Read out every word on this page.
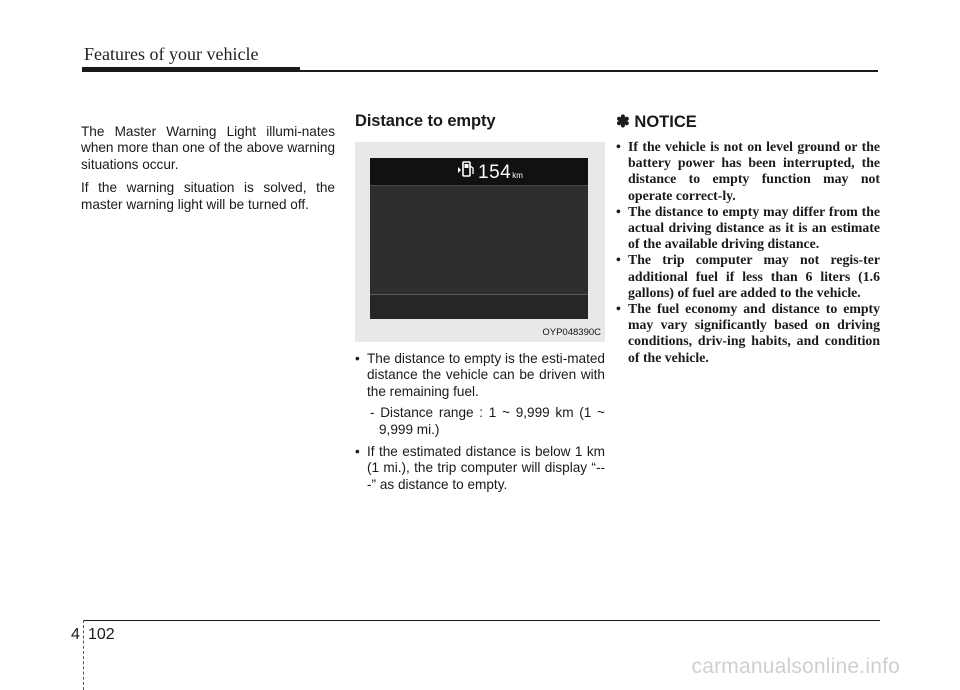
Features of your vehicle

The Master Warning Light illumi-nates when more than one of the above warning situations occur.

If the warning situation is solved, the master warning light will be turned off.

Distance to empty
154 km
OYP048390C
• The distance to empty is the esti-mated distance the vehicle can be driven with the remaining fuel.
- Distance range : 1 ~ 9,999 km (1 ~ 9,999 mi.)
• If the estimated distance is below 1 km (1 mi.), the trip computer will display “---” as distance to empty.
✽ NOTICE
• If the vehicle is not on level ground or the battery power has been interrupted, the distance to empty function may not operate correct-ly.
• The distance to empty may differ from the actual driving distance as it is an estimate of the available driving distance.
• The trip computer may not regis-ter additional fuel if less than 6 liters (1.6 gallons) of fuel are added to the vehicle.
• The fuel economy and distance to empty may vary significantly based on driving conditions, driv-ing habits, and condition of the vehicle.
4 102
carmanualsonline.info
